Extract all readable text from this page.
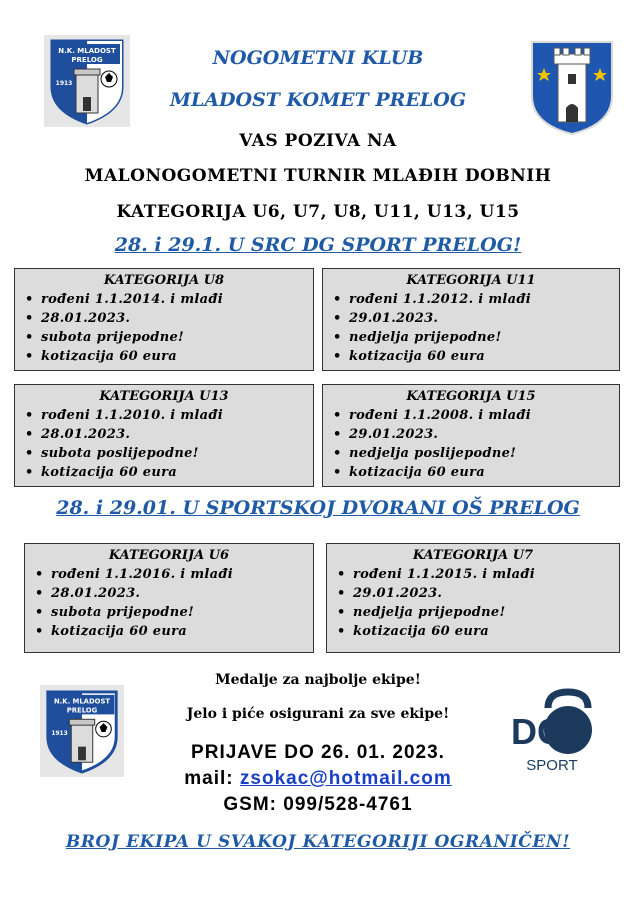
N.K. MLADOST
PRELOG
1913
NOGOMETNI KLUB
MLADOST KOMET PRELOG
VAS POZIVA NA
MALONOGOMETNI TURNIR MLAĐIH DOBNIH
KATEGORIJA U6, U7, U8, U11, U13, U15
28. i 29.1. U SRC DG SPORT PRELOG!
KATEGORIJA U8
• rođeni 1.1.2014. i mlađi
• 28.01.2023.
• subota prijepodne!
• kotizacija 60 eura
KATEGORIJA U11
• rođeni 1.1.2012. i mlađi
• 29.01.2023.
• nedjelja prijepodne!
• kotizacija 60 eura
KATEGORIJA U13
• rođeni 1.1.2010. i mlađi
• 28.01.2023.
• subota poslijepodne!
• kotizacija 60 eura
KATEGORIJA U15
• rođeni 1.1.2008. i mlađi
• 29.01.2023.
• nedjelja poslijepodne!
• kotizacija 60 eura
28. i 29.01. U SPORTSKOJ DVORANI OŠ PRELOG
KATEGORIJA U6
• rođeni 1.1.2016. i mlađi
• 28.01.2023.
• subota prijepodne!
• kotizacija 60 eura
KATEGORIJA U7
• rođeni 1.1.2015. i mlađi
• 29.01.2023.
• nedjelja prijepodne!
• kotizacija 60 eura
N.K. MLADOST
PRELOG
1913
Medalje za najbolje ekipe!
Jelo i piće osigurani za sve ekipe!
PRIJAVE DO 26. 01. 2023.
mail: zsokac@hotmail.com
GSM: 099/528-4761
DG
SPORT
BROJ EKIPA U SVAKOJ KATEGORIJI OGRANIČEN!
